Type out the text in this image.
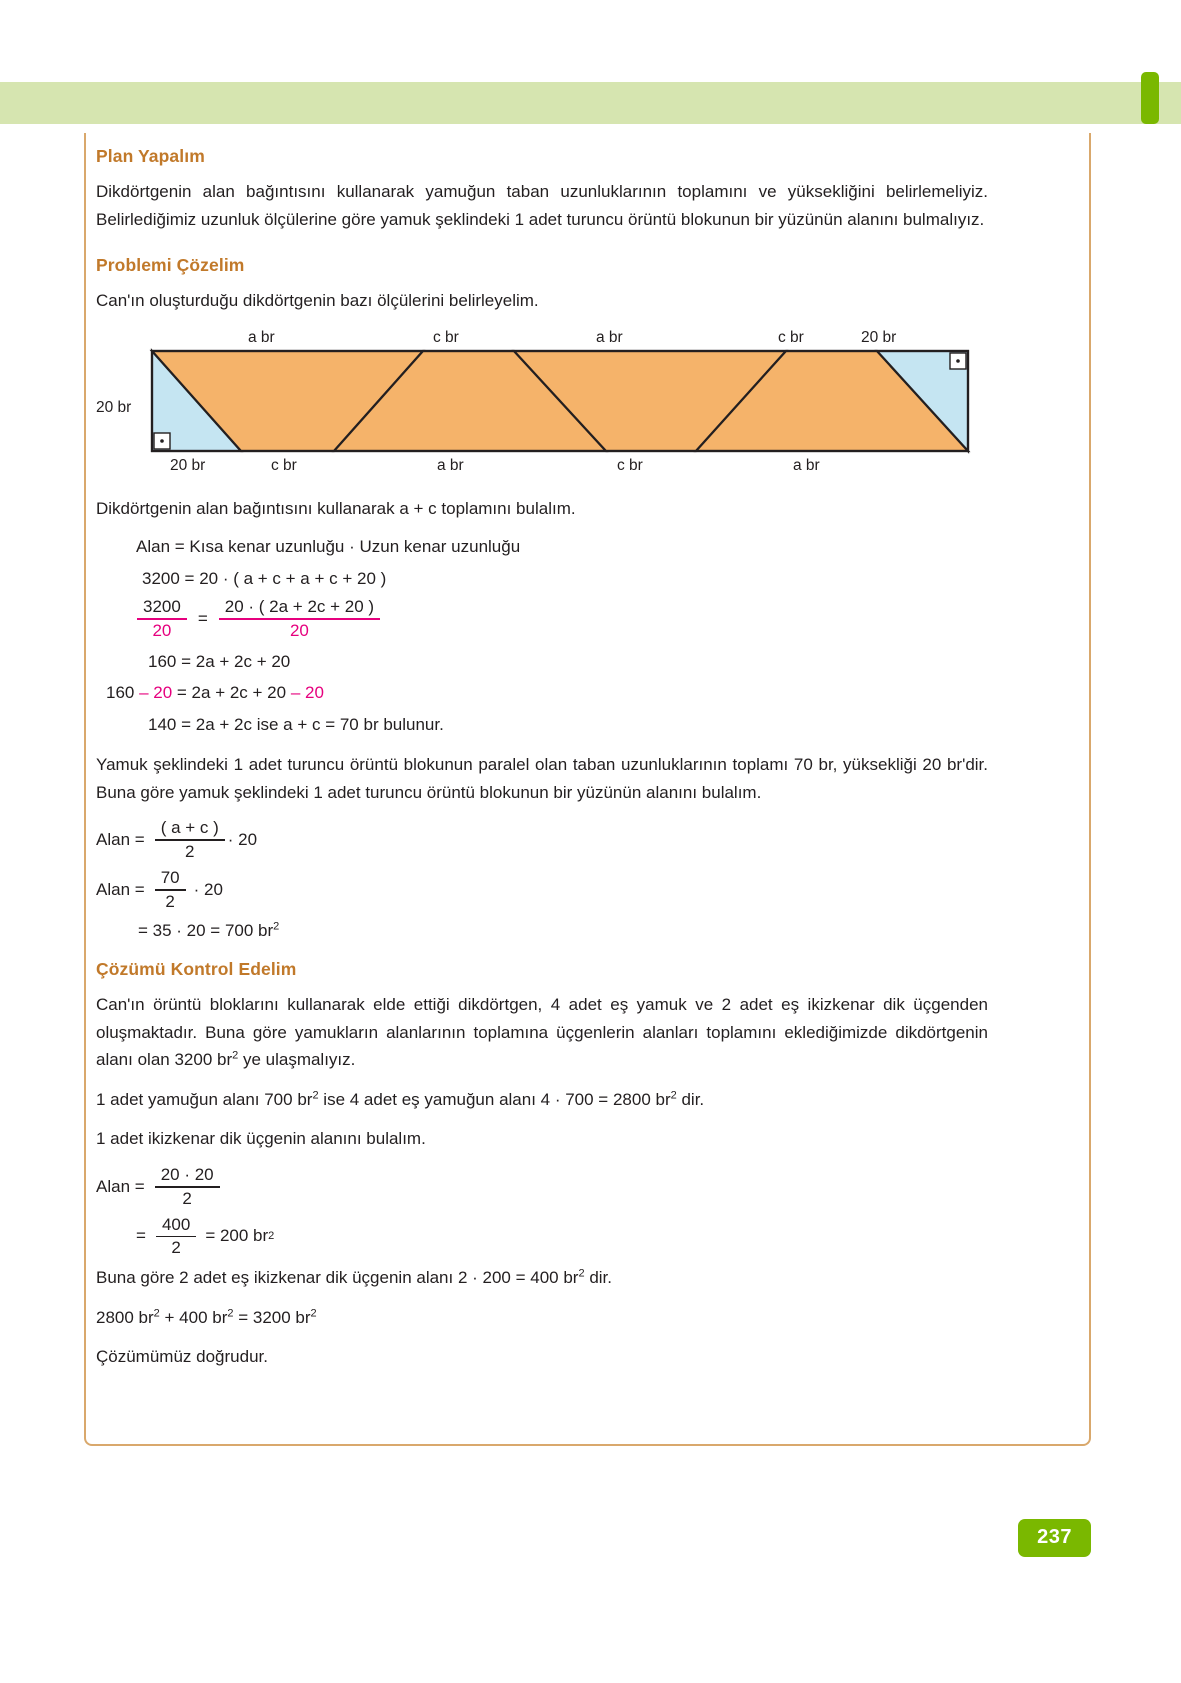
Plan Yapalım

Dikdörtgenin alan bağıntısını kullanarak yamuğun taban uzunluklarının toplamını ve yüksekliğini belirlemeliyiz. Belirlediğimiz uzunluk ölçülerine göre yamuk şeklindeki 1 adet turuncu örüntü blokunun bir yüzünün alanını bulmalıyız.

Problemi Çözelim

Can'ın oluşturduğu dikdörtgenin bazı ölçülerini belirleyelim.

a br	c br	a br	c br	20 br
20 br
20 br	c br	a br	c br	a br

Dikdörtgenin alan bağıntısını kullanarak a + c toplamını bulalım.

Alan = Kısa kenar uzunluğu · Uzun kenar uzunluğu
3200 = 20 · ( a + c + a + c + 20 )
$\frac{3200}{20} = \frac{20 \cdot ( 2a + 2c + 20 )}{20}$
160 = 2a + 2c + 20
160 – 20 = 2a + 2c + 20 – 20
140 = 2a + 2c ise a + c = 70 br bulunur.

Yamuk şeklindeki 1 adet turuncu örüntü blokunun paralel olan taban uzunluklarının toplamı 70 br, yüksekliği 20 br'dir. Buna göre yamuk şeklindeki 1 adet turuncu örüntü blokunun bir yüzünün alanını bulalım.

Alan = $\frac{( a + c )}{2} \cdot 20$
Alan = $\frac{70}{2} \cdot 20$
= 35 · 20 = 700 $br^2$
Çözümü Kontrol Edelim

Can'ın örüntü bloklarını kullanarak elde ettiği dikdörtgen, 4 adet eş yamuk ve 2 adet eş ikizkenar dik üçgenden oluşmaktadır. Buna göre yamukların alanlarının toplamına üçgenlerin alanları toplamını eklediğimizde dikdörtgenin alanı olan 3200 $br^2$ ye ulaşmalıyız.

1 adet yamuğun alanı 700 $br^2$ ise 4 adet eş yamuğun alanı 4 · 700 = 2800 $br^2$ dir.

1 adet ikizkenar dik üçgenin alanını bulalım.

Alan = $\frac{20 \cdot 20}{2}$
= $\frac{400}{2} = 200$ br 2

Buna göre 2 adet eş ikizkenar dik üçgenin alanı 2 · 200 = 400 $br^2$ dir.

2800 $br^2 + 400$ $br^2 = 3200$ $br^2$

Çözümümüz doğrudur.

237
